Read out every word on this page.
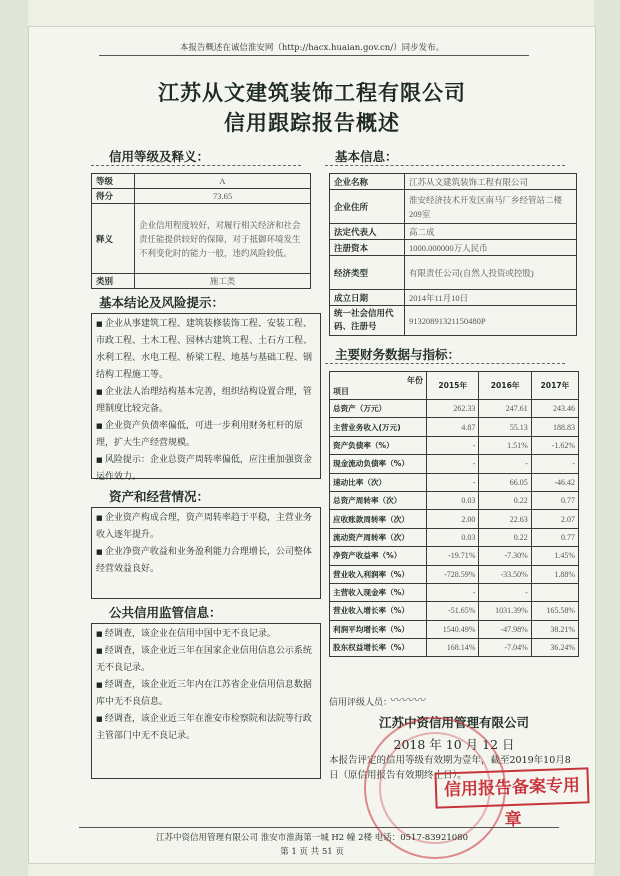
本报告概述在诚信淮安网（http://hacx.huaian.gov.cn/）同步发布。
江苏从文建筑装饰工程有限公司
信用跟踪报告概述
信用等级及释义：
等级	A
得分	73.65
释义	企业信用程度较好，对履行相关经济和社会责任能提供较好的保障，对于抵御环境发生不利变化时的能力一般，违约风险较低。
类别	施工类
基本结论及风险提示：
■ 企业从事建筑工程、建筑装修装饰工程、安装工程、市政工程、土木工程、园林古建筑工程、土石方工程、水利工程、水电工程、桥梁工程、地基与基础工程、钢结构工程施工等。
■ 企业法人治理结构基本完善，组织结构设置合理，管理制度比较完备。
■ 企业资产负债率偏低，可进一步利用财务杠杆的原理，扩大生产经营规模。
■ 风险提示：企业总资产周转率偏低，应注重加强资金运作效力。
资产和经营情况：
■ 企业资产构成合理，资产周转率趋于平稳，主营业务收入逐年提升。
■ 企业净资产收益和业务盈利能力合理增长，公司整体经营效益良好。
公共信用监管信息：
■ 经调查，该企业在信用中国中无不良记录。
■ 经调查，该企业近三年在国家企业信用信息公示系统无不良记录。
■ 经调查，该企业近三年内在江苏省企业信用信息数据库中无不良信息。
■ 经调查，该企业近三年在淮安市检察院和法院等行政主管部门中无不良记录。
基本信息：
企业名称	江苏从文建筑装饰工程有限公司
企业住所	淮安经济技术开发区南马厂乡经管站二楼209室
法定代表人	高二成
注册资本	1000.000000万人民币
经济类型	有限责任公司(自然人投资或控股)
成立日期	2014年11月10日
统一社会信用代码、注册号	91320891321150480P
主要财务数据与指标：
年份
项目	2015年	2016年	2017年
总资产（万元）	262.33	247.61	243.46
主营业务收入(万元)	4.87	55.13	188.83
资产负债率（%）	-	1.51%	-1.62%
现金流动负债率（%）	-	-	-
速动比率（次）	-	66.05	-46.42
总资产周转率（次）	0.03	0.22	0.77
应收账款周转率（次）	2.00	22.63	2.07
流动资产周转率（次）	0.03	0.22	0.77
净资产收益率（%）	-19.71%	-7.30%	1.45%
营业收入利润率（%）	-728.59%	-33.50%	1.88%
主营收入现金率（%）	-	-	
营业收入增长率（%）	-51.65%	1031.39%	165.58%
利润平均增长率（%）	1540.49%	-47.98%	38.21%
股东权益增长率（%）	168.14%	-7.04%	36.24%
信用评级人员：
〰〰〰
江苏中资信用管理有限公司
2018 年 10 月 12 日
本报告评定的信用等级有效期为壹年，截至2019年10月8日（原信用报告有效期终止日）。
信用报告备案专用章
江苏中资信用管理有限公司 淮安市淮海第一城 H2 幢 2楼 电话：0517-83921080
第 1 页 共 51 页
